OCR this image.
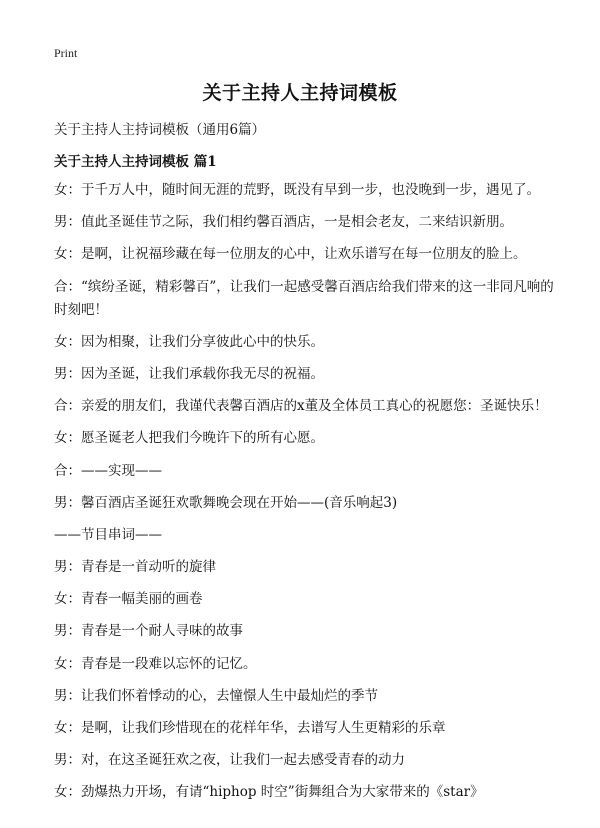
Print
关于主持人主持词模板
关于主持人主持词模板（通用6篇）
关于主持人主持词模板 篇1
女：于千万人中，随时间无涯的荒野，既没有早到一步，也没晚到一步，遇见了。
男：值此圣诞佳节之际，我们相约馨百酒店，一是相会老友，二来结识新朋。
女：是啊，让祝福珍藏在每一位朋友的心中，让欢乐谱写在每一位朋友的脸上。
合：“缤纷圣诞，精彩馨百”，让我们一起感受馨百酒店给我们带来的这一非同凡响的时刻吧！
女：因为相聚，让我们分享彼此心中的快乐。
男：因为圣诞，让我们承载你我无尽的祝福。
合：亲爱的朋友们，我谨代表馨百酒店的x董及全体员工真心的祝愿您：圣诞快乐！
女：愿圣诞老人把我们今晚许下的所有心愿。
合：——实现——
男：馨百酒店圣诞狂欢歌舞晚会现在开始——(音乐响起3)
——节目串词——
男：青春是一首动听的旋律
女：青春一幅美丽的画卷
男：青春是一个耐人寻味的故事
女：青春是一段难以忘怀的记忆。
男：让我们怀着悸动的心，去憧憬人生中最灿烂的季节
女：是啊，让我们珍惜现在的花样年华，去谱写人生更精彩的乐章
男：对，在这圣诞狂欢之夜，让我们一起去感受青春的动力
女：劲爆热力开场，有请“hiphop 时空”街舞组合为大家带来的《star》
